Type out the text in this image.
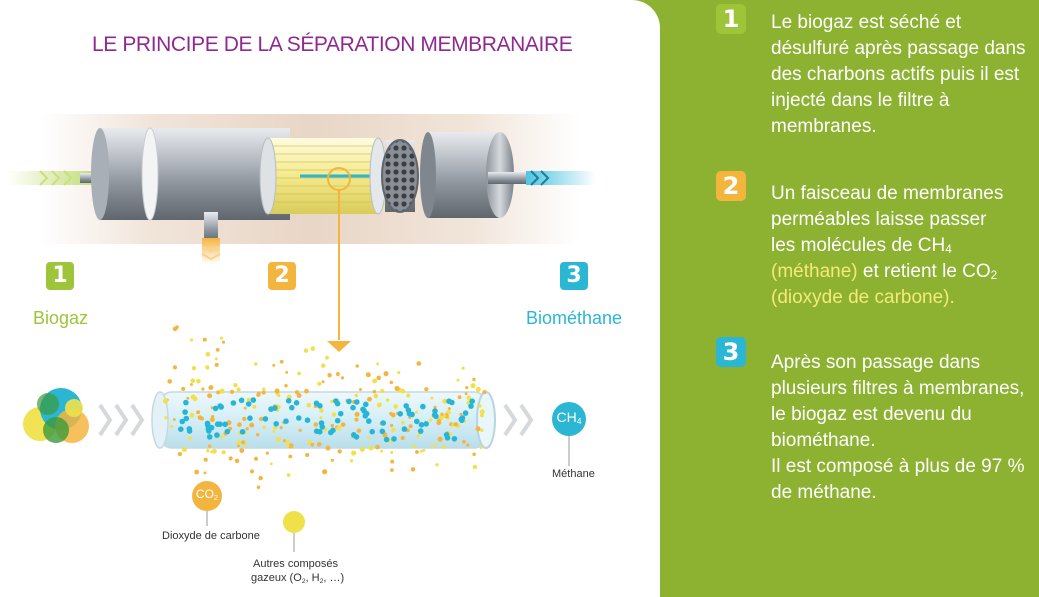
LE PRINCIPE DE LA SÉPARATION MEMBRANAIRE
1	2	3
Biogaz	Biométhane
$CH_4$
Méthane
$CO_2$
Dioxyde de carbone
Autres composés
gazeux ($O_2$, $H_2$, …)
1	Le biogaz est séché et désulfuré après passage dans des charbons actifs puis il est injecté dans le filtre à membranes.
2	Un faisceau de membranes
perméables laisse passer
les molécules de $CH_4$
(méthane) et retient le $CO_2$
(dioxyde de carbone).
3	Après son passage dans plusieurs filtres à membranes, le biogaz est devenu du biométhane.
Il est composé à plus de 97 % de méthane.
